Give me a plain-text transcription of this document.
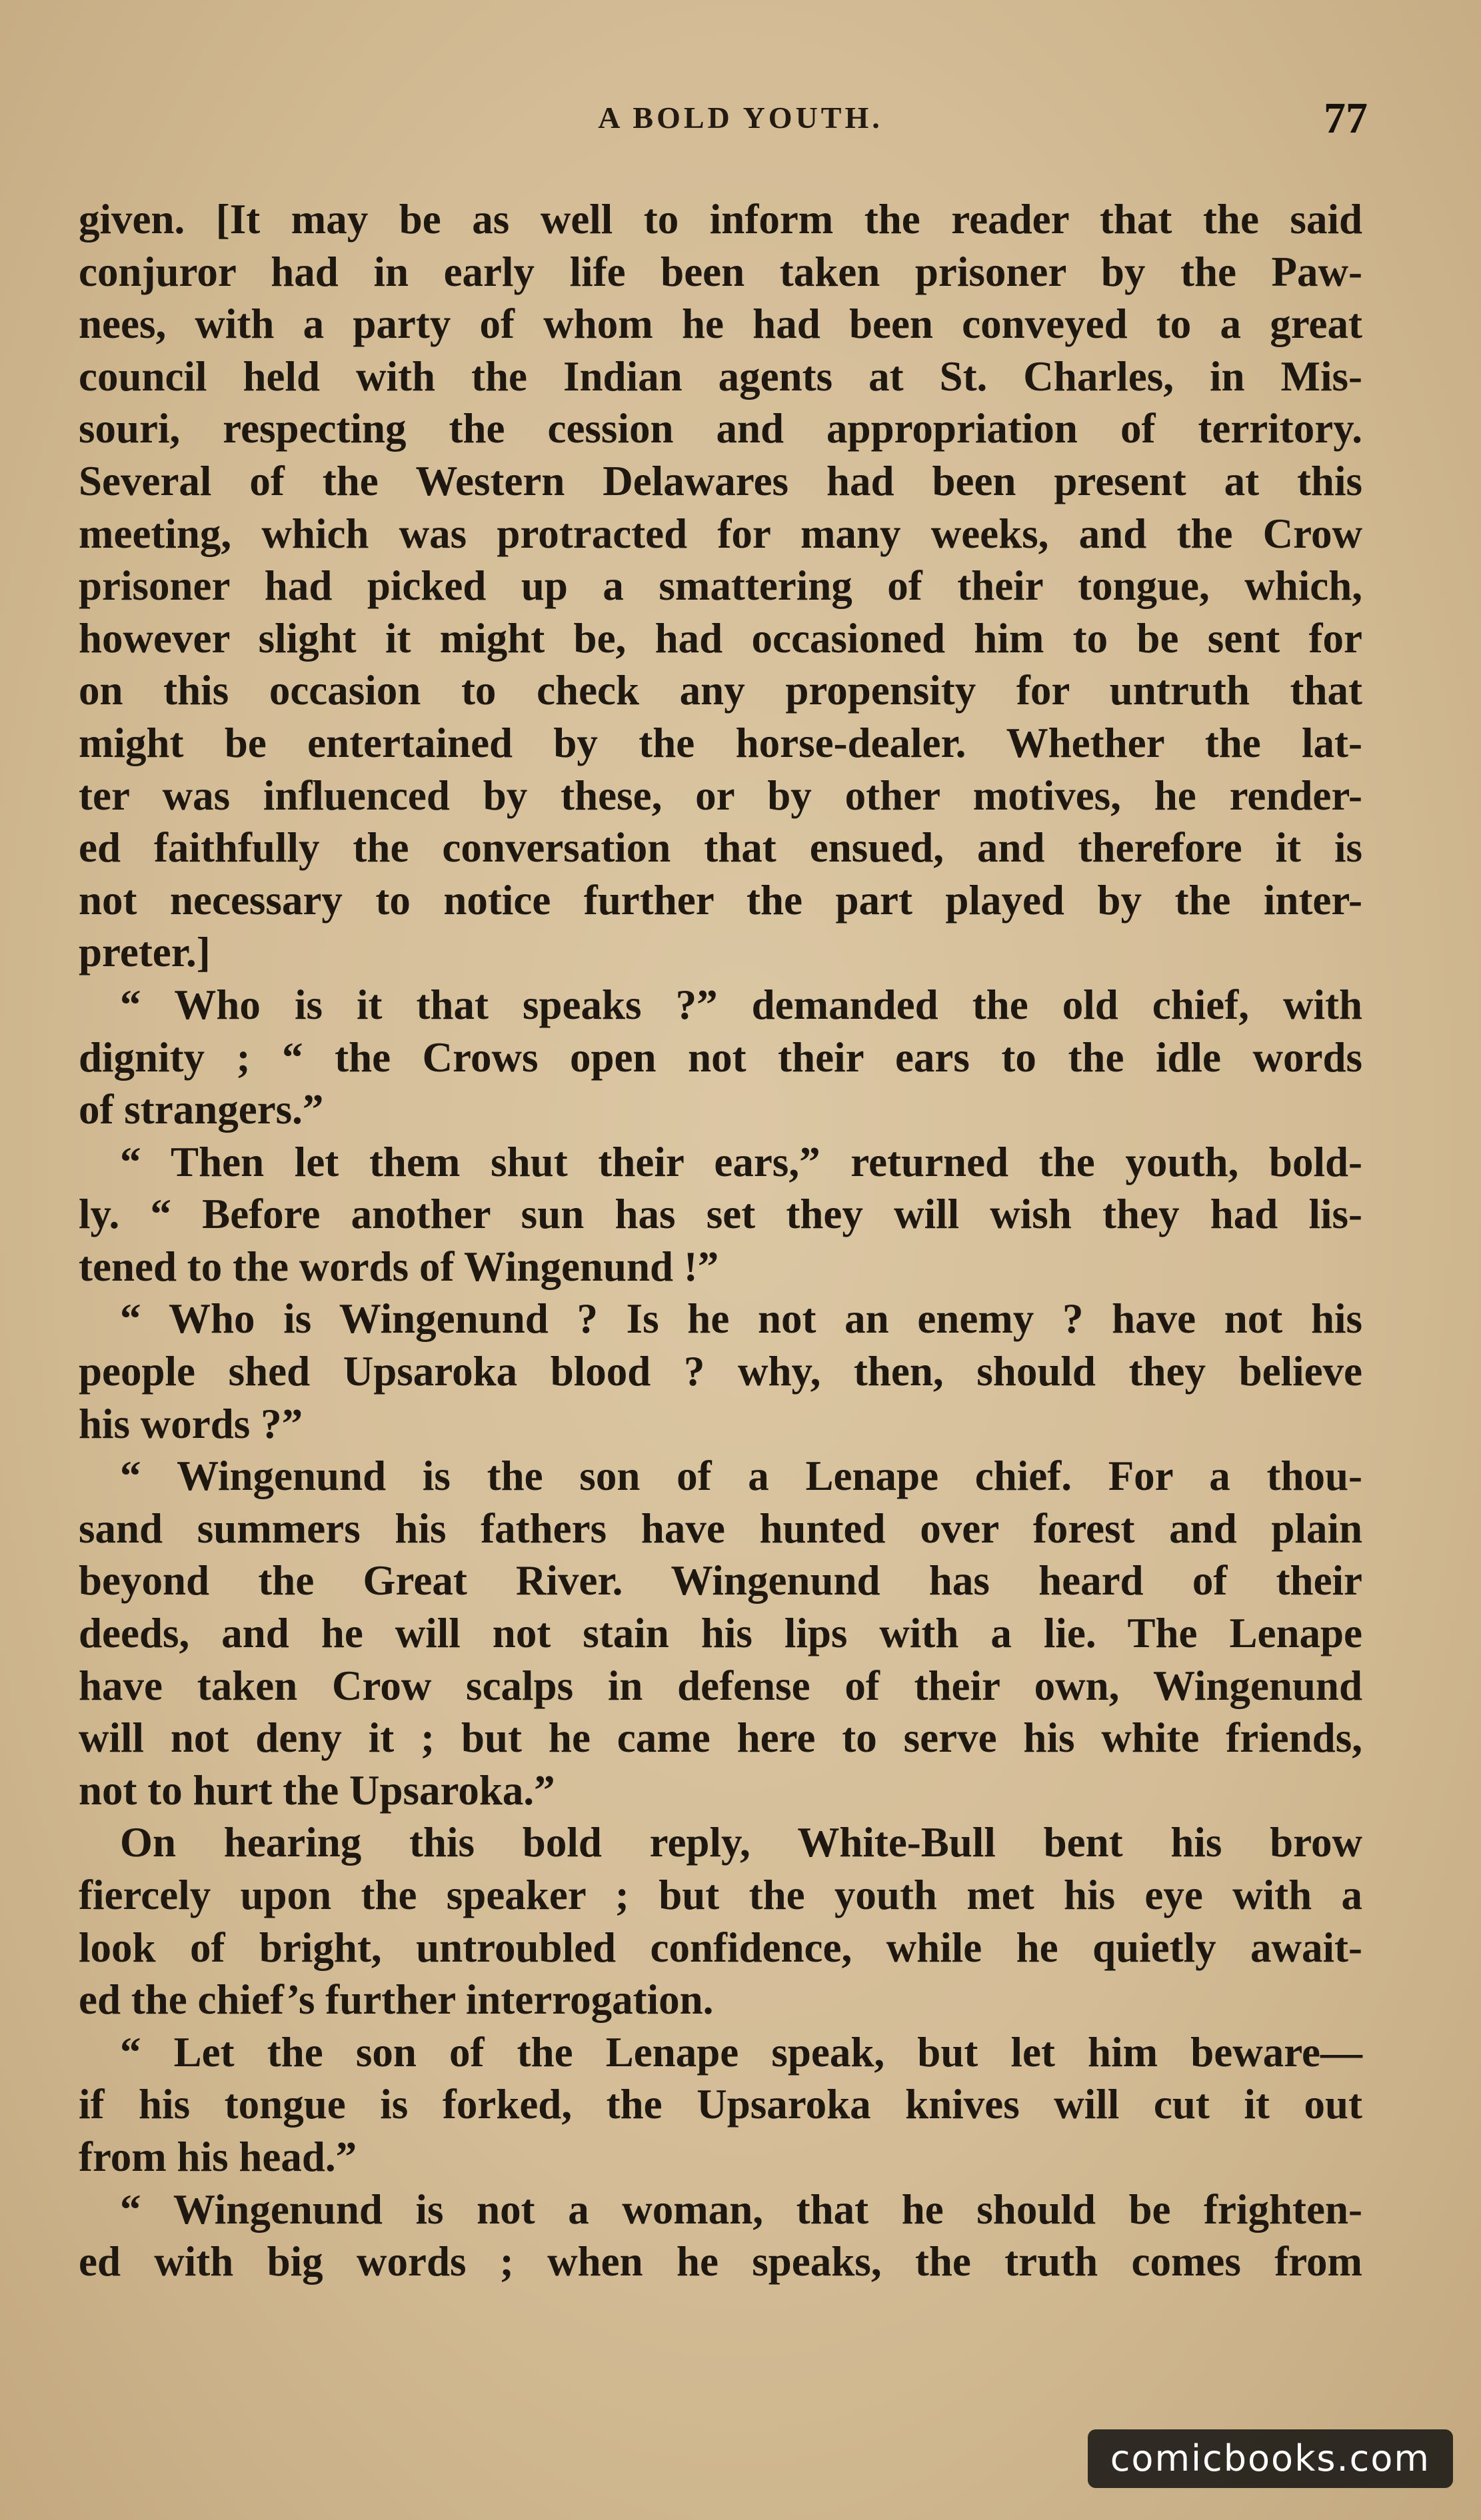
A BOLD YOUTH.	77
given. [It may be as well to inform the reader that the said
conjuror had in early life been taken prisoner by the Paw-
nees, with a party of whom he had been conveyed to a great
council held with the Indian agents at St. Charles, in Mis-
souri, respecting the cession and appropriation of territory.
Several of the Western Delawares had been present at this
meeting, which was protracted for many weeks, and the Crow
prisoner had picked up a smattering of their tongue, which,
however slight it might be, had occasioned him to be sent for
on this occasion to check any propensity for untruth that
might be entertained by the horse-dealer. Whether the lat-
ter was influenced by these, or by other motives, he render-
ed faithfully the conversation that ensued, and therefore it is
not necessary to notice further the part played by the inter-
preter.]
“ Who is it that speaks ?” demanded the old chief, with
dignity ; “ the Crows open not their ears to the idle words
of strangers.”
“ Then let them shut their ears,” returned the youth, bold-
ly. “ Before another sun has set they will wish they had lis-
tened to the words of Wingenund !”
“ Who is Wingenund ? Is he not an enemy ? have not his
people shed Upsaroka blood ? why, then, should they believe
his words ?”
“ Wingenund is the son of a Lenape chief. For a thou-
sand summers his fathers have hunted over forest and plain
beyond the Great River. Wingenund has heard of their
deeds, and he will not stain his lips with a lie. The Lenape
have taken Crow scalps in defense of their own, Wingenund
will not deny it ; but he came here to serve his white friends,
not to hurt the Upsaroka.”
On hearing this bold reply, White-Bull bent his brow
fiercely upon the speaker ; but the youth met his eye with a
look of bright, untroubled confidence, while he quietly await-
ed the chief’s further interrogation.
“ Let the son of the Lenape speak, but let him beware—
if his tongue is forked, the Upsaroka knives will cut it out
from his head.”
“ Wingenund is not a woman, that he should be frighten-
ed with big words ; when he speaks, the truth comes from
comicbooks.com
